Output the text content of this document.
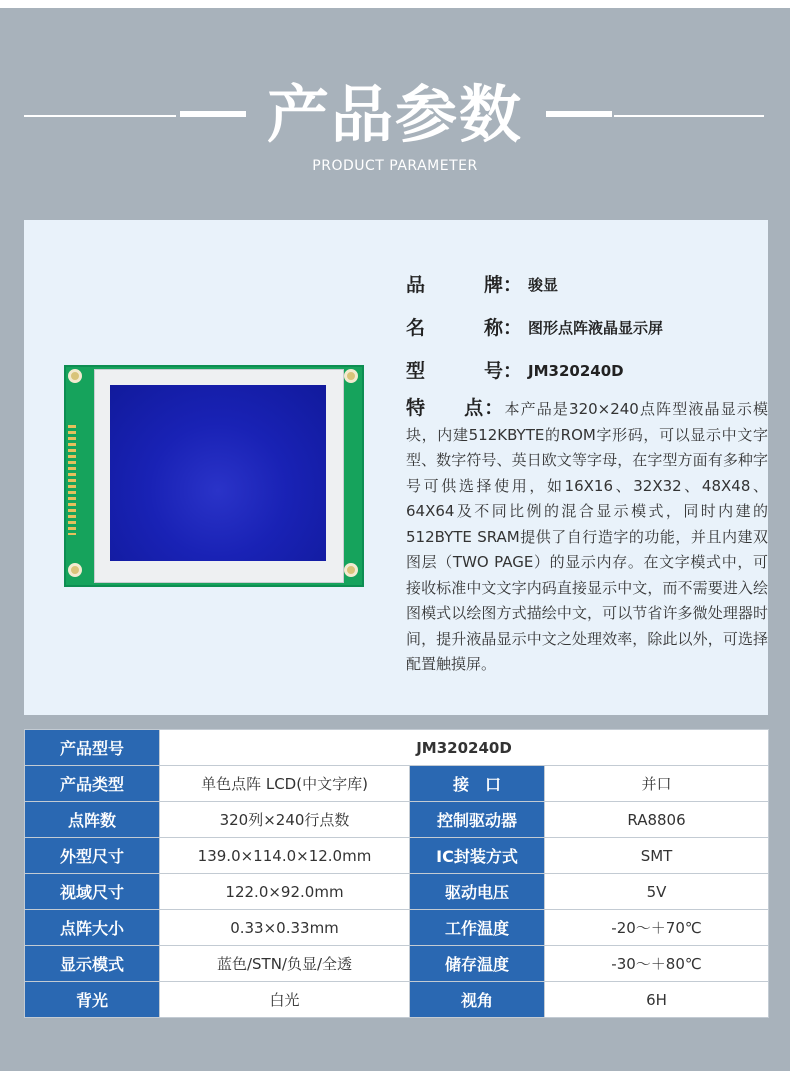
产品参数
PRODUCT PARAMETER
品	牌： 骏显
名	称： 图形点阵液晶显示屏
型	号： JM320240D
特 点：本产品是320×240点阵型液晶显示模块，内建512KBYTE的ROM字形码，可以显示中文字型、数字符号、英日欧文等字母，在字型方面有多种字号可供选择使用，如16X16、32X32、48X48、64X64及不同比例的混合显示模式，同时内建的512BYTE SRAM提供了自行造字的功能，并且内建双图层（TWO PAGE）的显示内存。在文字模式中，可接收标准中文文字内码直接显示中文，而不需要进入绘图模式以绘图方式描绘中文，可以节省许多微处理器时间，提升液晶显示中文之处理效率，除此以外，可选择配置触摸屏。
产品型号	JM320240D		
产品类型	单色点阵 LCD(中文字库)	接　口	并口
点阵数	320列×240行点数	控制驱动器	RA8806
外型尺寸	139.0×114.0×12.0mm	IC封装方式	SMT
视域尺寸	122.0×92.0mm	驱动电压	5V
点阵大小	0.33×0.33mm	工作温度	-20～＋70℃
显示模式	蓝色/STN/负显/全透	储存温度	-30～＋80℃
背光	白光	视角	6H
